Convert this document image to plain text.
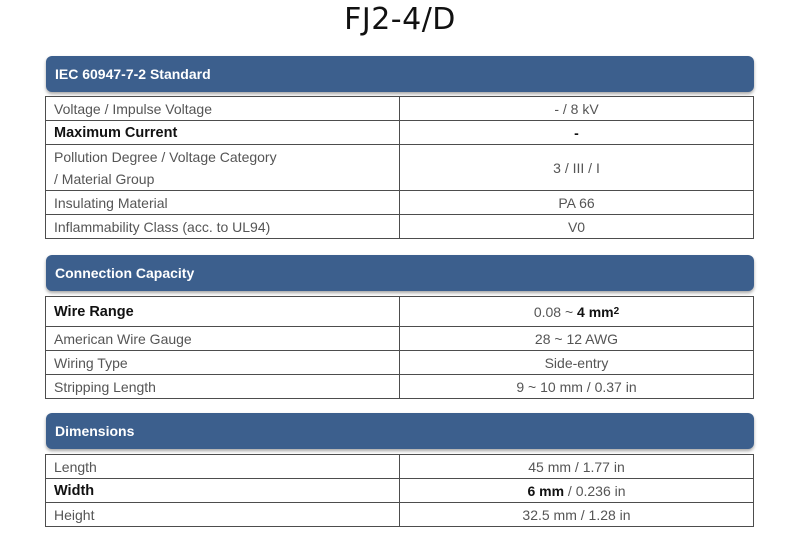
FJ2-4/D
IEC 60947-7-2 Standard
Voltage / Impulse Voltage	- / 8 kV
Maximum Current	-
Pollution Degree / Voltage Category
/ Material Group	3 / III / I
Insulating Material	PA 66
Inflammability Class (acc. to UL94)	V0
Connection Capacity
Wire Range	0.08 ~ 4 $mm^2$
American Wire Gauge	28 ~ 12 AWG
Wiring Type	Side-entry
Stripping Length	9 ~ 10 mm / 0.37 in
Dimensions
Length	45 mm / 1.77 in
Width	6 mm / 0.236 in
Height	32.5 mm / 1.28 in
